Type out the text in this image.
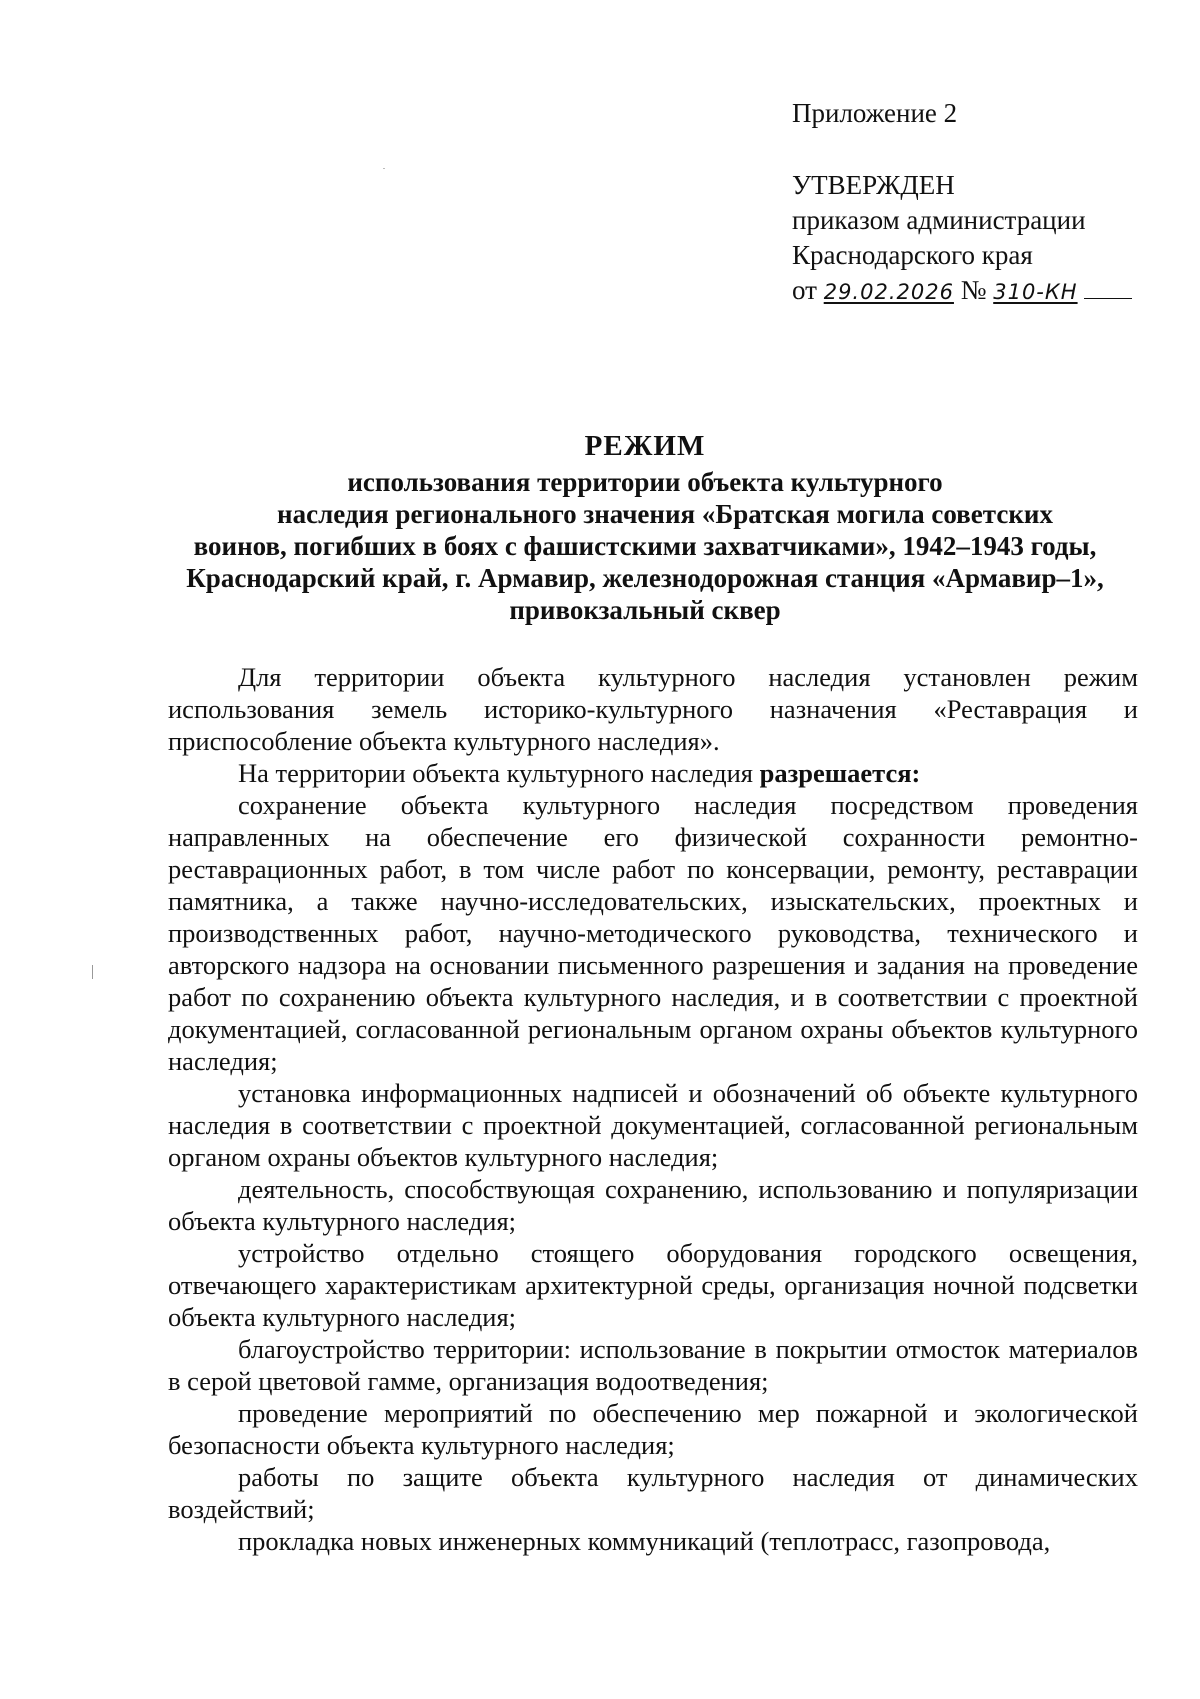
Приложение 2
УТВЕРЖДЕН
приказом администрации
Краснодарского края
от 29.02.2026 № 310-КН
РЕЖИМ
использования территории объекта культурного
наследия регионального значения «Братская могила советских
воинов, погибших в боях с фашистскими захватчиками», 1942–1943 годы,
Краснодарский край, г. Армавир, железнодорожная станция «Армавир–1»,
привокзальный сквер

Для территории объекта культурного наследия установлен режим использования земель историко-культурного назначения «Реставрация и приспособление объекта культурного наследия».

На территории объекта культурного наследия разрешается:

сохранение объекта культурного наследия посредством проведения направленных на обеспечение его физической сохранности ремонтно-реставрационных работ, в том числе работ по консервации, ремонту, реставрации памятника, а также научно-исследовательских, изыскательских, проектных и производственных работ, научно-методического руководства, технического и авторского надзора на основании письменного разрешения и задания на проведение работ по сохранению объекта культурного наследия, и в соответствии с проектной документацией, согласованной региональным органом охраны объектов культурного наследия;

установка информационных надписей и обозначений об объекте культурного наследия в соответствии с проектной документацией, согласованной региональным органом охраны объектов культурного наследия;

деятельность, способствующая сохранению, использованию и популяризации объекта культурного наследия;

устройство отдельно стоящего оборудования городского освещения, отвечающего характеристикам архитектурной среды, организация ночной подсветки объекта культурного наследия;

благоустройство территории: использование в покрытии отмосток материалов в серой цветовой гамме, организация водоотведения;

проведение мероприятий по обеспечению мер пожарной и экологической безопасности объекта культурного наследия;

работы по защите объекта культурного наследия от динамических воздействий;

прокладка новых инженерных коммуникаций (теплотрасс, газопровода,
